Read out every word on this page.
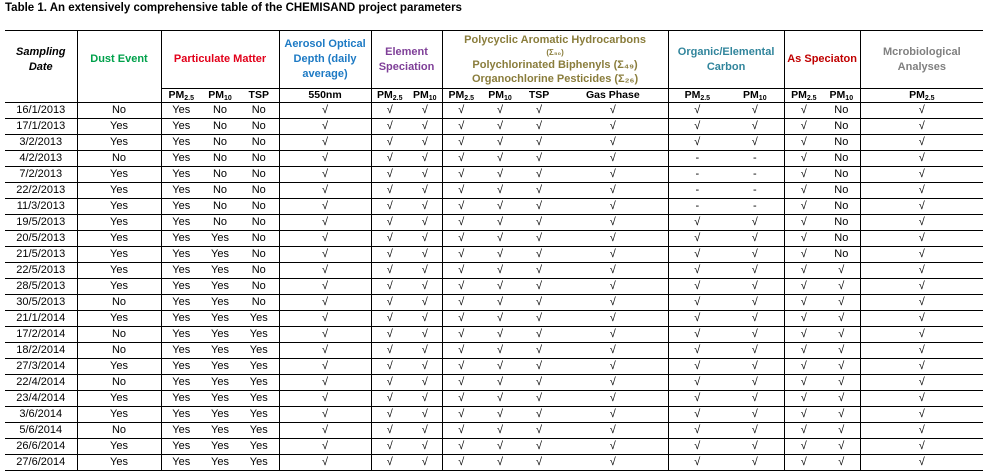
Table 1. An extensively comprehensive table of the CHEMISAND project parameters
Sampling Date	Dust Event	Particulate Matter			Aerosol Optical Depth (daily average)	Element Speciation		Polycyclic Aromatic Hydrocarbons
(Σ₅₀)
Polychlorinated Biphenyls (Σ₄₉)
Organochlorine Pesticides (Σ₂₆)				Organic/Elemental Carbon		As Speciaton		Mcrobiological Analyses
		$PM_{2.5}$	$PM_{10}$	TSP	550nm	$PM_{2.5}$	$PM_{10}$	$PM_{2.5}$	$PM_{10}$	TSP	Gas Phase	$PM_{2.5}$	$PM_{10}$	$PM_{2.5}$	$PM_{10}$	$PM_{2.5}$
16/1/2013	No	Yes	No	No	√	√	√	√	√	√	√	√	√	√	No	√
17/1/2013	Yes	Yes	No	No	√	√	√	√	√	√	√	√	√	√	No	√
3/2/2013	Yes	Yes	No	No	√	√	√	√	√	√	√	√	√	√	No	√
4/2/2013	No	Yes	No	No	√	√	√	√	√	√	√	-	-	√	No	√
7/2/2013	Yes	Yes	No	No	√	√	√	√	√	√	√	-	-	√	No	√
22/2/2013	Yes	Yes	No	No	√	√	√	√	√	√	√	-	-	√	No	√
11/3/2013	Yes	Yes	No	No	√	√	√	√	√	√	√	-	-	√	No	√
19/5/2013	Yes	Yes	No	No	√	√	√	√	√	√	√	√	√	√	No	√
20/5/2013	Yes	Yes	Yes	No	√	√	√	√	√	√	√	√	√	√	No	√
21/5/2013	Yes	Yes	Yes	No	√	√	√	√	√	√	√	√	√	√	No	√
22/5/2013	Yes	Yes	Yes	No	√	√	√	√	√	√	√	√	√	√	√	√
28/5/2013	Yes	Yes	Yes	No	√	√	√	√	√	√	√	√	√	√	√	√
30/5/2013	No	Yes	Yes	No	√	√	√	√	√	√	√	√	√	√	√	√
21/1/2014	Yes	Yes	Yes	Yes	√	√	√	√	√	√	√	√	√	√	√	√
17/2/2014	No	Yes	Yes	Yes	√	√	√	√	√	√	√	√	√	√	√	√
18/2/2014	No	Yes	Yes	Yes	√	√	√	√	√	√	√	√	√	√	√	√
27/3/2014	Yes	Yes	Yes	Yes	√	√	√	√	√	√	√	√	√	√	√	√
22/4/2014	No	Yes	Yes	Yes	√	√	√	√	√	√	√	√	√	√	√	√
23/4/2014	Yes	Yes	Yes	Yes	√	√	√	√	√	√	√	√	√	√	√	√
3/6/2014	Yes	Yes	Yes	Yes	√	√	√	√	√	√	√	√	√	√	√	√
5/6/2014	No	Yes	Yes	Yes	√	√	√	√	√	√	√	√	√	√	√	√
26/6/2014	Yes	Yes	Yes	Yes	√	√	√	√	√	√	√	√	√	√	√	√
27/6/2014	Yes	Yes	Yes	Yes	√	√	√	√	√	√	√	√	√	√	√	√
